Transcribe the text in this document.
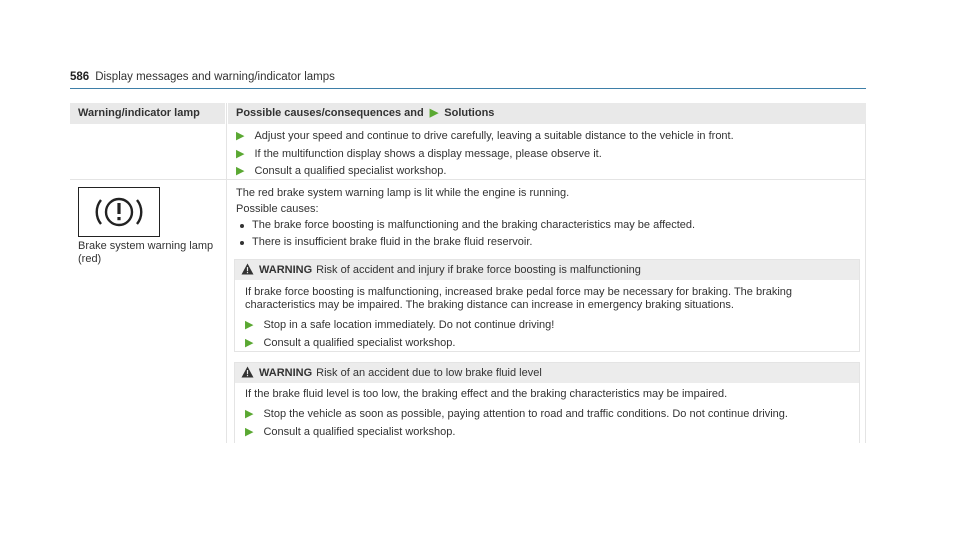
586 Display messages and warning/indicator lamps
Warning/indicator lamp	Possible causes/consequences and ▶ Solutions
▶ Adjust your speed and continue to drive carefully, leaving a suitable distance to the vehicle in front.
▶ If the multifunction display shows a display message, please observe it.
▶ Consult a qualified specialist workshop.
Brake system warning lamp
(red)
The red brake system warning lamp is lit while the engine is running.
Possible causes:
The brake force boosting is malfunctioning and the braking characteristics may be affected.
There is insufficient brake fluid in the brake fluid reservoir.
WARNING Risk of accident and injury if brake force boosting is malfunctioning
If brake force boosting is malfunctioning, increased brake pedal force may be necessary for braking. The braking
characteristics may be impaired. The braking distance can increase in emergency braking situations.
▶ Stop in a safe location immediately. Do not continue driving!
▶ Consult a qualified specialist workshop.
WARNING Risk of an accident due to low brake fluid level
If the brake fluid level is too low, the braking effect and the braking characteristics may be impaired.
▶ Stop the vehicle as soon as possible, paying attention to road and traffic conditions. Do not continue driving.
▶ Consult a qualified specialist workshop.
